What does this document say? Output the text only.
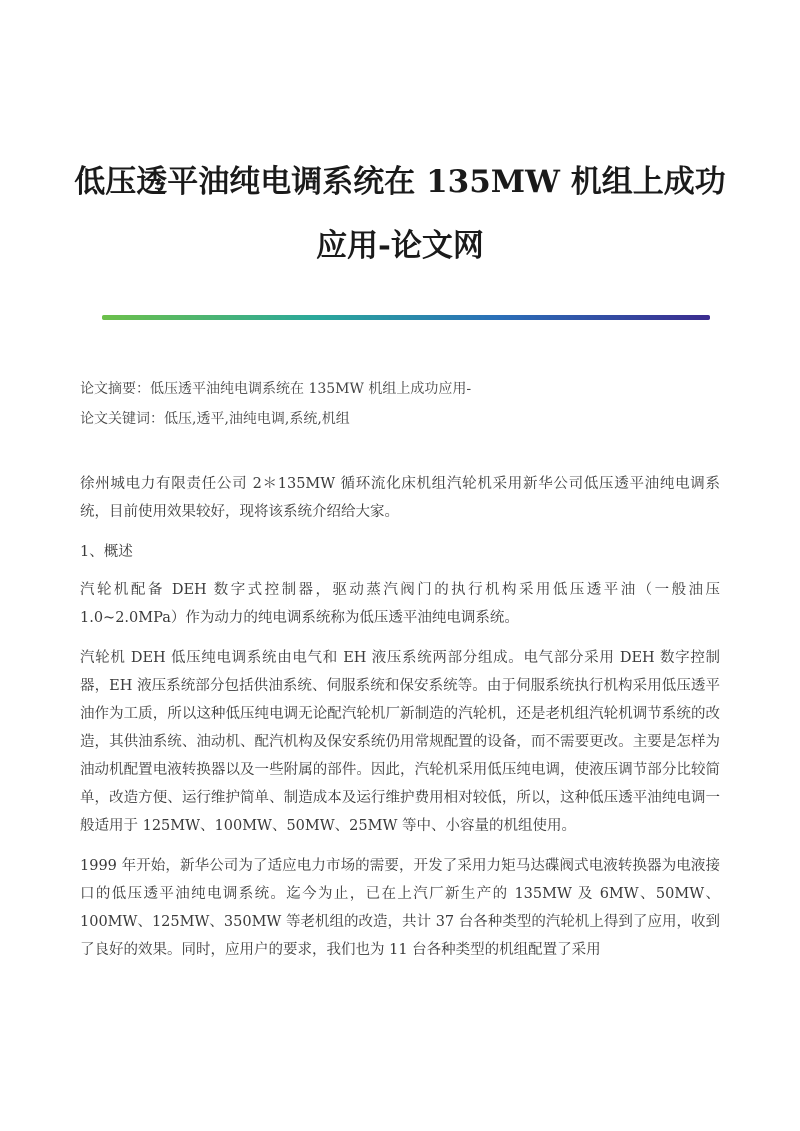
低压透平油纯电调系统在 135MW 机组上成功
应用-论文网

论文摘要：低压透平油纯电调系统在 135MW 机组上成功应用-

论文关键词：低压,透平,油纯电调,系统,机组

徐州城电力有限责任公司 2＊135MW 循环流化床机组汽轮机采用新华公司低压透平油纯电调系统，目前使用效果较好，现将该系统介绍给大家。

1、概述

汽轮机配备 DEH 数字式控制器，驱动蒸汽阀门的执行机构采用低压透平油（一般油压 1.0~2.0MPa）作为动力的纯电调系统称为低压透平油纯电调系统。

汽轮机 DEH 低压纯电调系统由电气和 EH 液压系统两部分组成。电气部分采用 DEH 数字控制器，EH 液压系统部分包括供油系统、伺服系统和保安系统等。由于伺服系统执行机构采用低压透平油作为工质，所以这种低压纯电调无论配汽轮机厂新制造的汽轮机，还是老机组汽轮机调节系统的改造，其供油系统、油动机、配汽机构及保安系统仍用常规配置的设备，而不需要更改。主要是怎样为油动机配置电液转换器以及一些附属的部件。因此，汽轮机采用低压纯电调，使液压调节部分比较简单，改造方便、运行维护简单、制造成本及运行维护费用相对较低，所以，这种低压透平油纯电调一般适用于 125MW、100MW、50MW、25MW 等中、小容量的机组使用。

1999 年开始，新华公司为了适应电力市场的需要，开发了采用力矩马达碟阀式电液转换器为电液接口的低压透平油纯电调系统。迄今为止，已在上汽厂新生产的 135MW 及 6MW、50MW、100MW、125MW、350MW 等老机组的改造，共计 37 台各种类型的汽轮机上得到了应用，收到了良好的效果。同时，应用户的要求，我们也为 11 台各种类型的机组配置了采用
